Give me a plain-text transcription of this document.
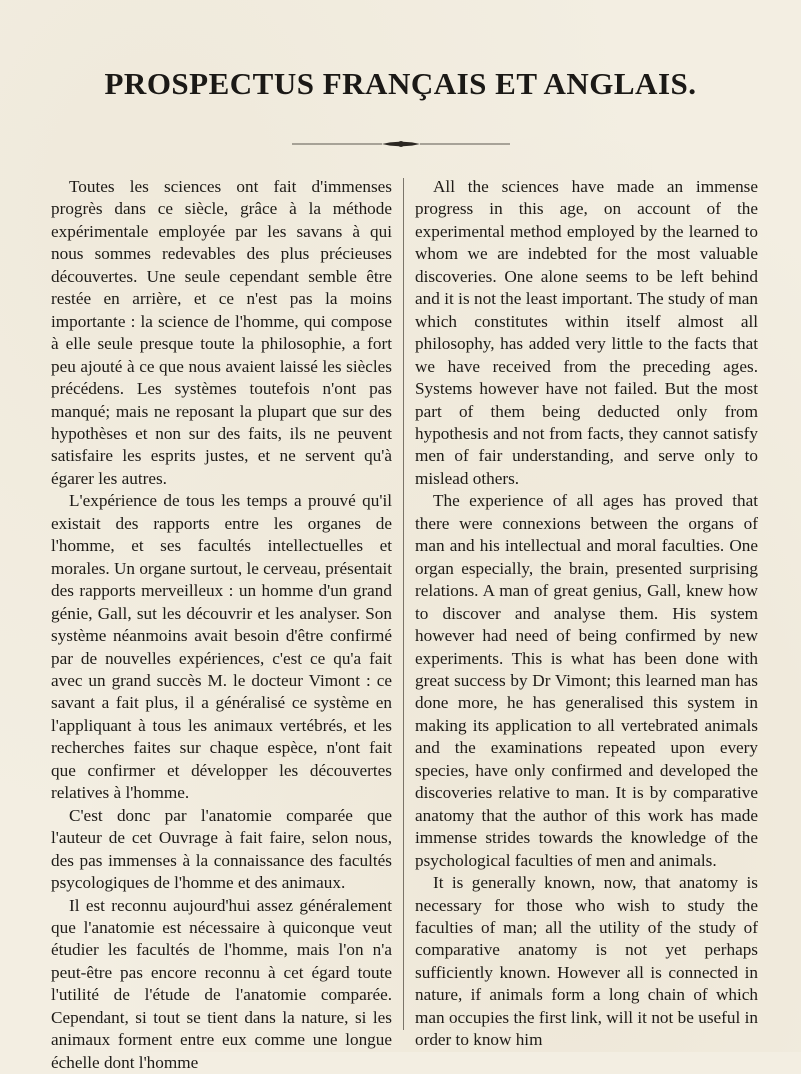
PROSPECTUS FRANÇAIS ET ANGLAIS.

Toutes les sciences ont fait d'immenses progrès dans ce siècle, grâce à la méthode expérimentale employée par les savans à qui nous sommes redevables des plus précieuses découvertes. Une seule cependant semble être restée en arrière, et ce n'est pas la moins importante : la science de l'homme, qui compose à elle seule presque toute la philosophie, a fort peu ajouté à ce que nous avaient laissé les siècles précédens. Les systèmes toutefois n'ont pas manqué; mais ne reposant la plupart que sur des hypothèses et non sur des faits, ils ne peuvent satisfaire les esprits justes, et ne servent qu'à égarer les autres.

L'expérience de tous les temps a prouvé qu'il existait des rapports entre les organes de l'homme, et ses facultés intellectuelles et morales. Un organe surtout, le cerveau, présentait des rapports merveilleux : un homme d'un grand génie, Gall, sut les découvrir et les analyser. Son système néanmoins avait besoin d'être confirmé par de nouvelles expériences, c'est ce qu'a fait avec un grand succès M. le docteur Vimont : ce savant a fait plus, il a généralisé ce système en l'appliquant à tous les animaux vertébrés, et les recherches faites sur chaque espèce, n'ont fait que confirmer et développer les découvertes relatives à l'homme.

C'est donc par l'anatomie comparée que l'auteur de cet Ouvrage à fait faire, selon nous, des pas immenses à la connaissance des facultés psycologiques de l'homme et des animaux.

Il est reconnu aujourd'hui assez généralement que l'anatomie est nécessaire à quiconque veut étudier les facultés de l'homme, mais l'on n'a peut-être pas encore reconnu à cet égard toute l'utilité de l'étude de l'anatomie comparée. Cependant, si tout se tient dans la nature, si les animaux forment entre eux comme une longue échelle dont l'homme

All the sciences have made an immense progress in this age, on account of the experimental method employed by the learned to whom we are indebted for the most valuable discoveries. One alone seems to be left behind and it is not the least important. The study of man which constitutes within itself almost all philosophy, has added very little to the facts that we have received from the preceding ages. Systems however have not failed. But the most part of them being deducted only from hypothesis and not from facts, they cannot satisfy men of fair understanding, and serve only to mislead others.

The experience of all ages has proved that there were connexions between the organs of man and his intellectual and moral faculties. One organ especially, the brain, presented surprising relations. A man of great genius, Gall, knew how to discover and analyse them. His system however had need of being confirmed by new experiments. This is what has been done with great success by Dr Vimont; this learned man has done more, he has generalised this system in making its application to all vertebrated animals and the examinations repeated upon every species, have only confirmed and developed the discoveries relative to man. It is by comparative anatomy that the author of this work has made immense strides towards the knowledge of the psychological faculties of men and animals.

It is generally known, now, that anatomy is necessary for those who wish to study the faculties of man; all the utility of the study of comparative anatomy is not yet perhaps sufficiently known. However all is connected in nature, if animals form a long chain of which man occupies the first link, will it not be useful in order to know him
